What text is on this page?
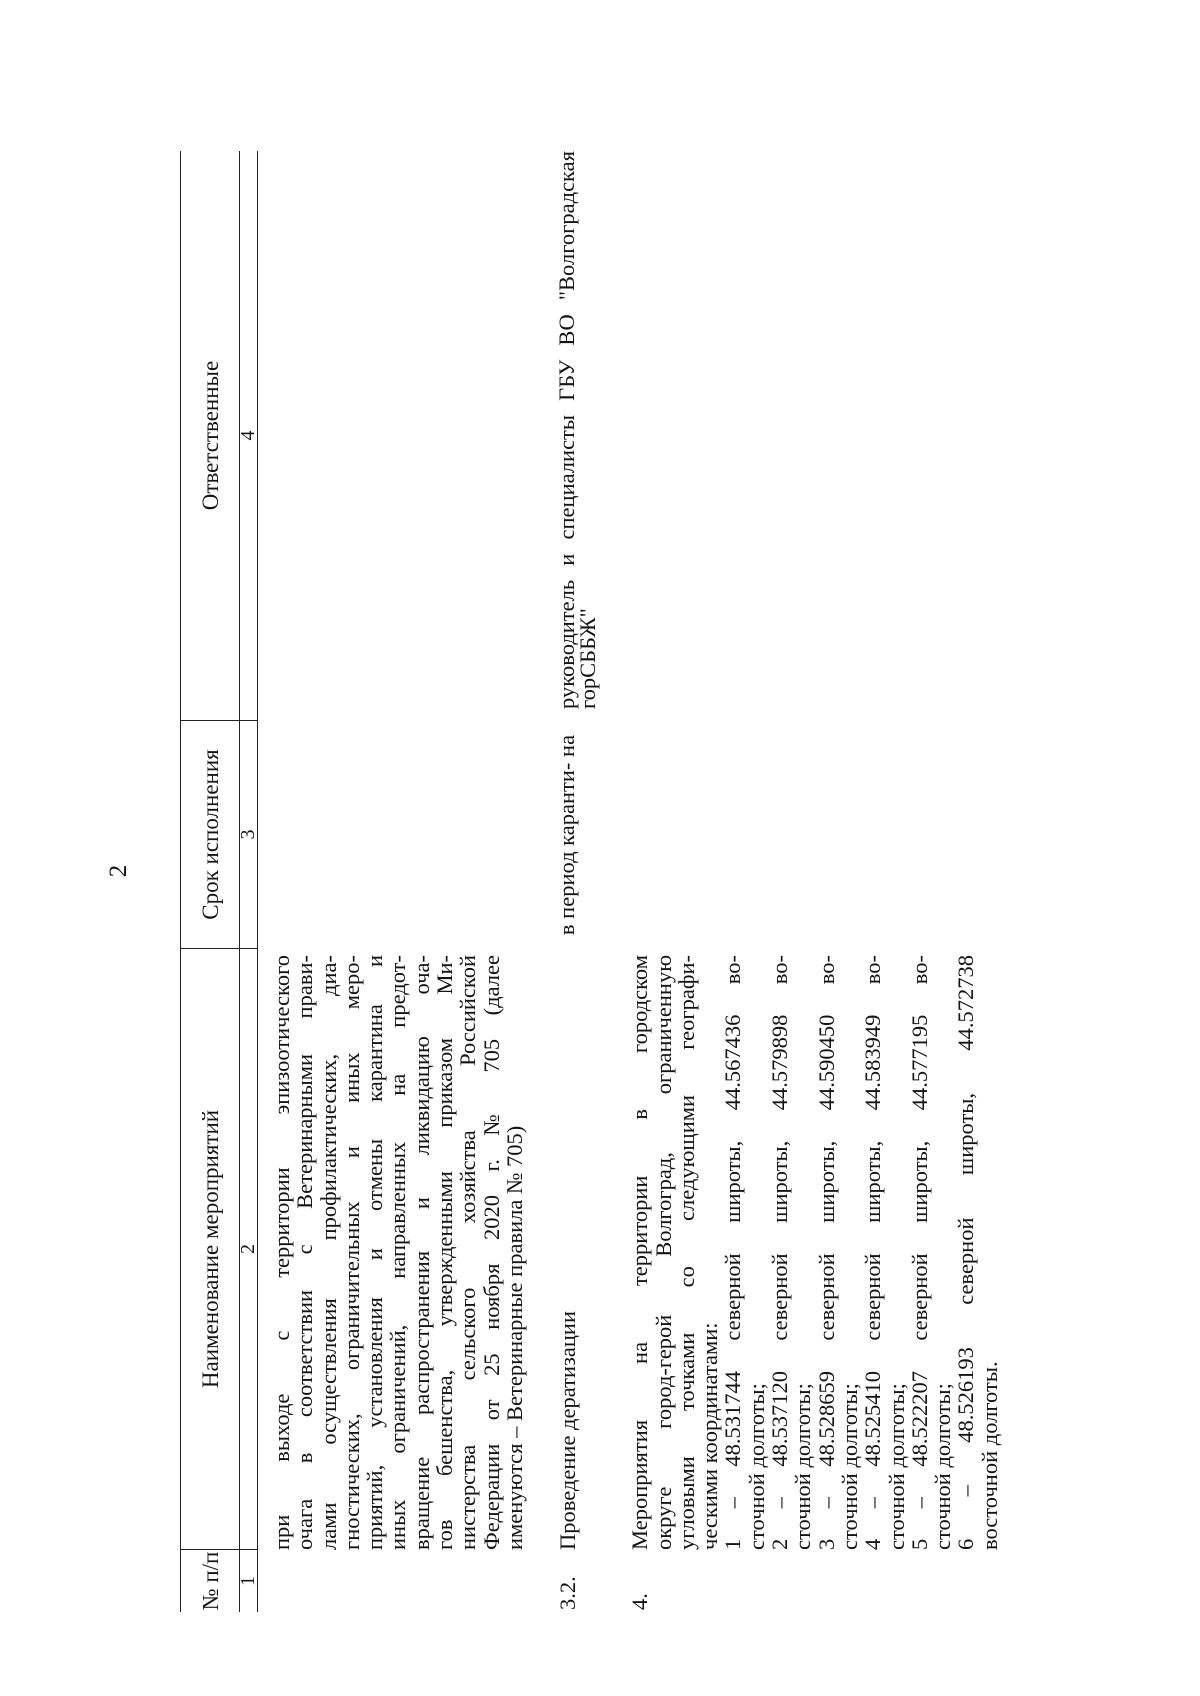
2
№ п/п
Наименование мероприятий
Срок исполнения
Ответственные
1
2
3
4

при выходе с территории эпизоотического

очага в соответствии с Ветеринарными прави-

лами осуществления профилактических, диа-

гностических, ограничительных и иных меро-

приятий, установления и отмены карантина и

иных ограничений, направленных на предот-

вращение распространения и ликвидацию оча-

гов бешенства, утвержденными приказом Ми-

нистерства сельского хозяйства Российской

Федерации от 25 ноября 2020 г. № 705 (далее

именуются – Ветеринарные правила № 705)

3.2.

Проведение дератизации

в период каранти- на
руководитель и специалисты ГБУ ВО "Волгоградская горСББЖ"
4.

Мероприятия на территории в городском

округе город-герой Волгоград, ограниченную

угловыми точками со следующими географи-

ческими координатами:

1 – 48.531744 северной широты, 44.567436 во-

сточной долготы;

2 – 48.537120 северной широты, 44.579898 во-

сточной долготы;

3 – 48.528659 северной широты, 44.590450 во-

сточной долготы;

4 – 48.525410 северной широты, 44.583949 во-

сточной долготы;

5 – 48.522207 северной широты, 44.577195 во-

сточной долготы;

6 – 48.526193 северной широты, 44.572738

восточной долготы.
